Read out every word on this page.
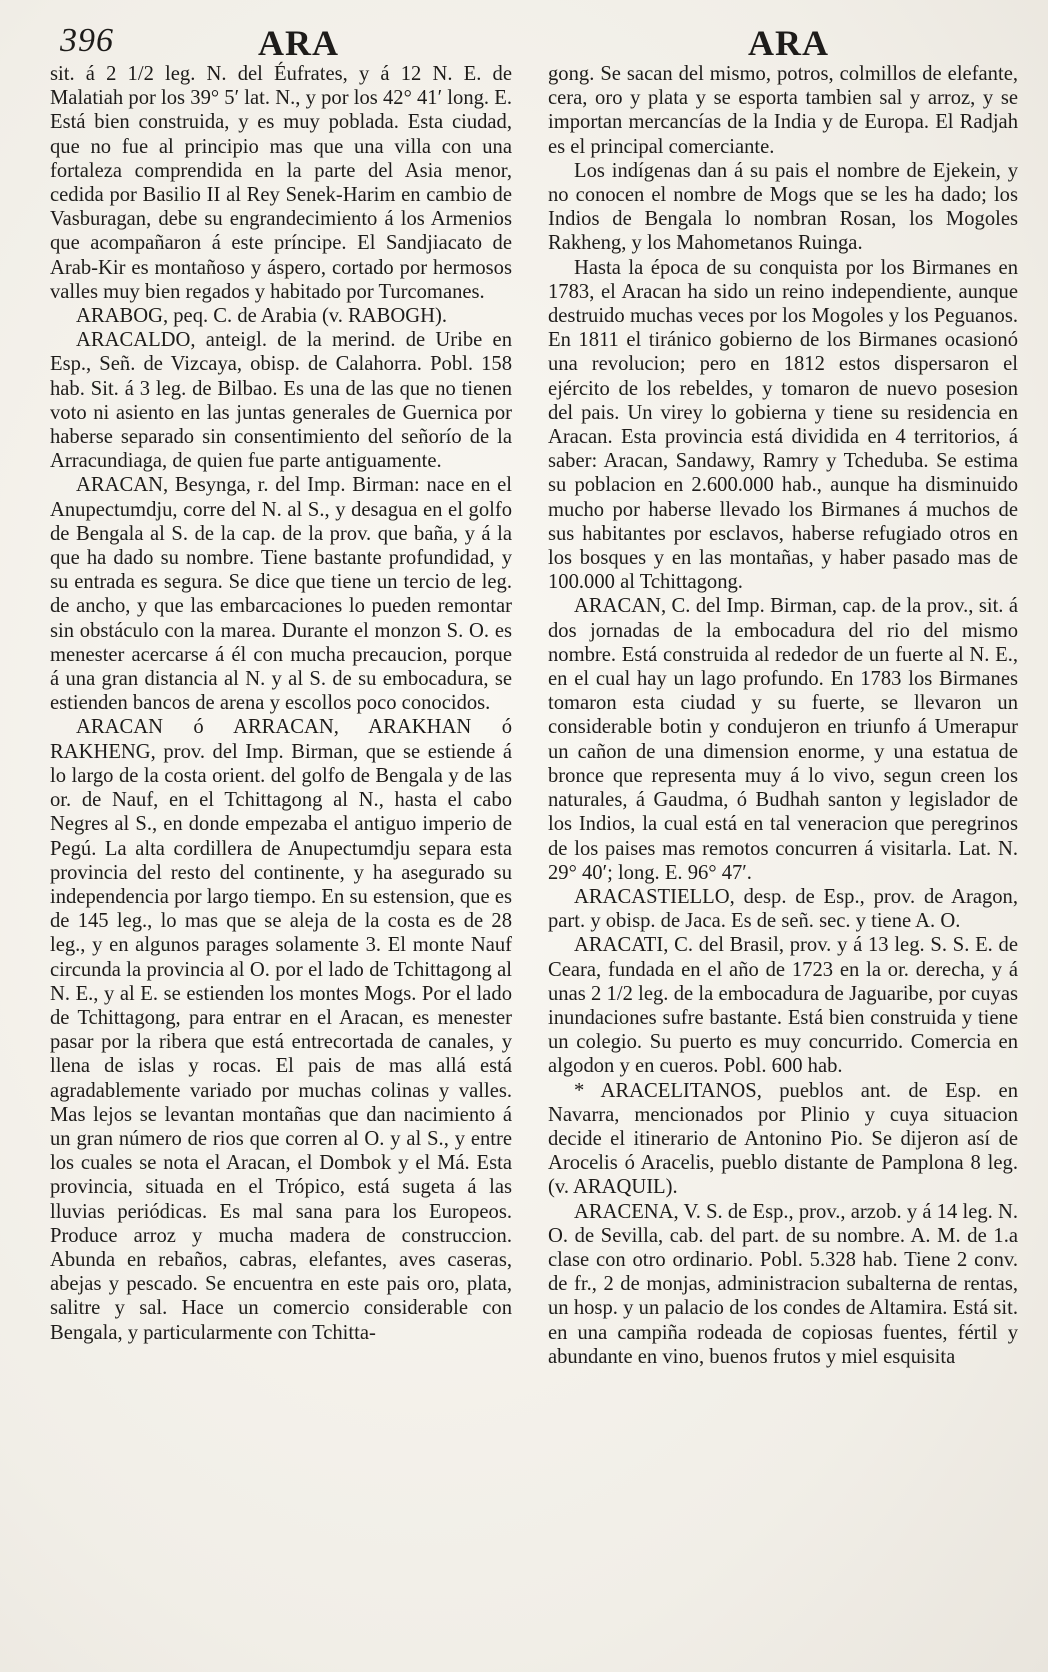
396	ARA	ARA

sit. á 2 1/2 leg. N. del Éufrates, y á 12 N. E. de Malatiah por los 39° 5′ lat. N., y por los 42° 41′ long. E. Está bien construida, y es muy poblada. Esta ciudad, que no fue al principio mas que una villa con una fortaleza comprendida en la parte del Asia menor, cedida por Basilio II al Rey Senek-Harim en cambio de Vasburagan, debe su engrandecimiento á los Armenios que acompañaron á este príncipe. El Sandjiacato de Arab-Kir es montañoso y áspero, cortado por hermosos valles muy bien regados y habitado por Turcomanes.

ARABOG, peq. C. de Arabia (v. RABOGH).

ARACALDO, anteigl. de la merind. de Uribe en Esp., Señ. de Vizcaya, obisp. de Calahorra. Pobl. 158 hab. Sit. á 3 leg. de Bilbao. Es una de las que no tienen voto ni asiento en las juntas generales de Guernica por haberse separado sin consentimiento del señorío de la Arracundiaga, de quien fue parte antiguamente.

ARACAN, Besynga, r. del Imp. Birman: nace en el Anupectumdju, corre del N. al S., y desagua en el golfo de Bengala al S. de la cap. de la prov. que baña, y á la que ha dado su nombre. Tiene bastante profundidad, y su entrada es segura. Se dice que tiene un tercio de leg. de ancho, y que las embarcaciones lo pueden remontar sin obstáculo con la marea. Durante el monzon S. O. es menester acercarse á él con mucha precaucion, porque á una gran distancia al N. y al S. de su embocadura, se estienden bancos de arena y escollos poco conocidos.

ARACAN ó ARRACAN, ARAKHAN ó RAKHENG, prov. del Imp. Birman, que se estiende á lo largo de la costa orient. del golfo de Bengala y de las or. de Nauf, en el Tchittagong al N., hasta el cabo Negres al S., en donde empezaba el antiguo imperio de Pegú. La alta cordillera de Anupectumdju separa esta provincia del resto del continente, y ha asegurado su independencia por largo tiempo. En su estension, que es de 145 leg., lo mas que se aleja de la costa es de 28 leg., y en algunos parages solamente 3. El monte Nauf circunda la provincia al O. por el lado de Tchittagong al N. E., y al E. se estienden los montes Mogs. Por el lado de Tchittagong, para entrar en el Aracan, es menester pasar por la ribera que está entrecortada de canales, y llena de islas y rocas. El pais de mas allá está agradablemente variado por muchas colinas y valles. Mas lejos se levantan montañas que dan nacimiento á un gran número de rios que corren al O. y al S., y entre los cuales se nota el Aracan, el Dombok y el Má. Esta provincia, situada en el Trópico, está sugeta á las lluvias periódicas. Es mal sana para los Europeos. Produce arroz y mucha madera de construccion. Abunda en rebaños, cabras, elefantes, aves caseras, abejas y pescado. Se encuentra en este pais oro, plata, salitre y sal. Hace un comercio considerable con Bengala, y particularmente con Tchitta-

gong. Se sacan del mismo, potros, colmillos de elefante, cera, oro y plata y se esporta tambien sal y arroz, y se importan mercancías de la India y de Europa. El Radjah es el principal comerciante.

Los indígenas dan á su pais el nombre de Ejekein, y no conocen el nombre de Mogs que se les ha dado; los Indios de Bengala lo nombran Rosan, los Mogoles Rakheng, y los Mahometanos Ruinga.

Hasta la época de su conquista por los Birmanes en 1783, el Aracan ha sido un reino independiente, aunque destruido muchas veces por los Mogoles y los Peguanos. En 1811 el tiránico gobierno de los Birmanes ocasionó una revolucion; pero en 1812 estos dispersaron el ejército de los rebeldes, y tomaron de nuevo posesion del pais. Un virey lo gobierna y tiene su residencia en Aracan. Esta provincia está dividida en 4 territorios, á saber: Aracan, Sandawy, Ramry y Tcheduba. Se estima su poblacion en 2.600.000 hab., aunque ha disminuido mucho por haberse llevado los Birmanes á muchos de sus habitantes por esclavos, haberse refugiado otros en los bosques y en las montañas, y haber pasado mas de 100.000 al Tchittagong.

ARACAN, C. del Imp. Birman, cap. de la prov., sit. á dos jornadas de la embocadura del rio del mismo nombre. Está construida al rededor de un fuerte al N. E., en el cual hay un lago profundo. En 1783 los Birmanes tomaron esta ciudad y su fuerte, se llevaron un considerable botin y condujeron en triunfo á Umerapur un cañon de una dimension enorme, y una estatua de bronce que representa muy á lo vivo, segun creen los naturales, á Gaudma, ó Budhah santon y legislador de los Indios, la cual está en tal veneracion que peregrinos de los paises mas remotos concurren á visitarla. Lat. N. 29° 40′; long. E. 96° 47′.

ARACASTIELLO, desp. de Esp., prov. de Aragon, part. y obisp. de Jaca. Es de señ. sec. y tiene A. O.

ARACATI, C. del Brasil, prov. y á 13 leg. S. S. E. de Ceara, fundada en el año de 1723 en la or. derecha, y á unas 2 1/2 leg. de la embocadura de Jaguaribe, por cuyas inundaciones sufre bastante. Está bien construida y tiene un colegio. Su puerto es muy concurrido. Comercia en algodon y en cueros. Pobl. 600 hab.

* ARACELITANOS, pueblos ant. de Esp. en Navarra, mencionados por Plinio y cuya situacion decide el itinerario de Antonino Pio. Se dijeron así de Arocelis ó Aracelis, pueblo distante de Pamplona 8 leg. (v. ARAQUIL).

ARACENA, V. S. de Esp., prov., arzob. y á 14 leg. N. O. de Sevilla, cab. del part. de su nombre. A. M. de 1.a clase con otro ordinario. Pobl. 5.328 hab. Tiene 2 conv. de fr., 2 de monjas, administracion subalterna de rentas, un hosp. y un palacio de los condes de Altamira. Está sit. en una campiña rodeada de copiosas fuentes, fértil y abundante en vino, buenos frutos y miel esquisita
